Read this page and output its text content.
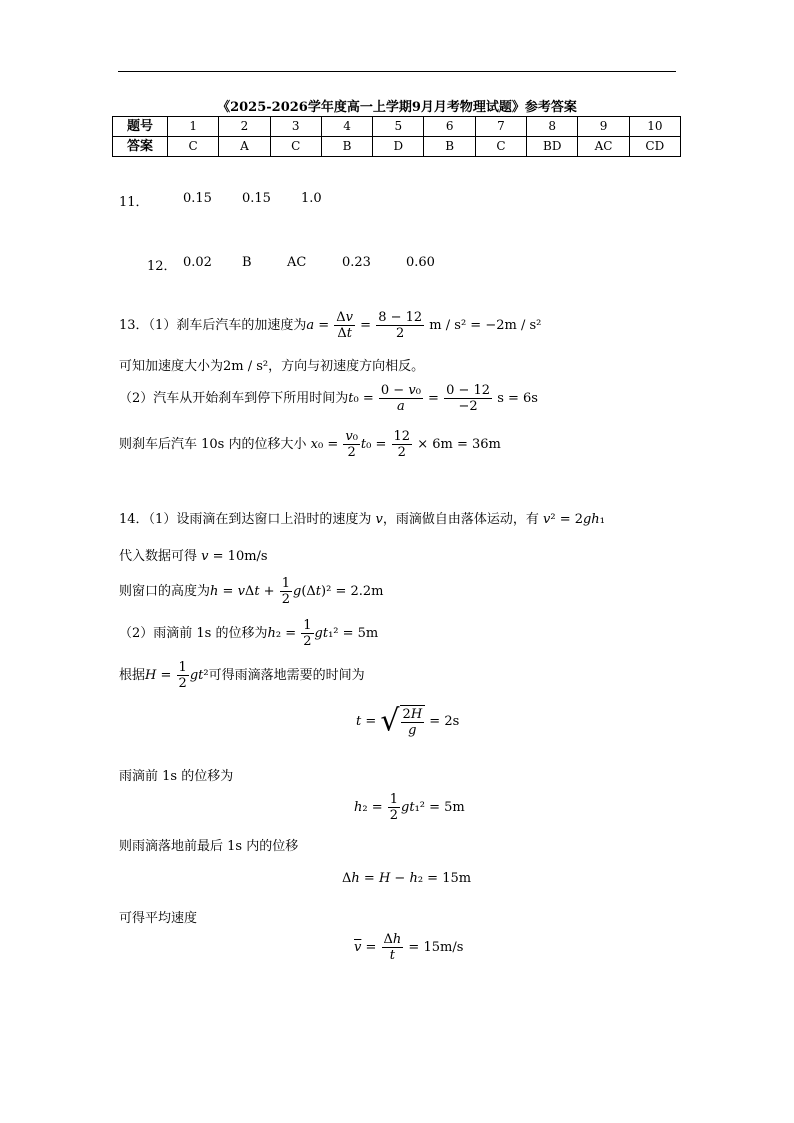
《2025-2026学年度高一上学期9月月考物理试题》参考答案
题号	1	2	3	4	5	6	7	8	9	10
答案	C	A	C	B	D	B	C	BD	AC	CD
11．	0.15 0.15 1.0
12． 0.02 B	AC	0.23	0.60
13．（1）刹车后汽车的加速度为$a = \frac{\Delta v}{\Delta t} = \frac{8 - 12}{2}$ m / s² = −2m / s²
可知加速度大小为2m / s²，方向与初速度方向相反。
（2）汽车从开始刹车到停下所用时间为$t_0 = \frac{\text{0 − v₀}}{a} = \frac{0 - 12}{-2}$ s = 6s
则刹车后汽车 10s 内的位移大小 $x_0 = \frac{\text{v₀}}{2} t_0 = \frac{12}{2} \times 6m = 36m$
14．（1）设雨滴在到达窗口上沿时的速度为 v，雨滴做自由落体运动，有 v² = 2gh₁
代入数据可得 v = 10m/s
则窗口的高度为$h = v\Delta t + \frac{1}{2} g(\Delta t)^2 = 2.2m$
（2）雨滴前 1s 的位移为$h_2 = \frac{1}{2} gt_1^2 = 5m$
根据$H = \frac{1}{2} gt^2$可得雨滴落地需要的时间为
t = √ $\frac{2H}{g} = 2s$
雨滴前 1s 的位移为
$h_2 = \frac{1}{2} gt_1^2 = 5m$
则雨滴落地前最后 1s 内的位移
Δh = H − h₂ = 15m
可得平均速度
$\overline{v} = \frac{\Delta h}{t} = 15m/s$
